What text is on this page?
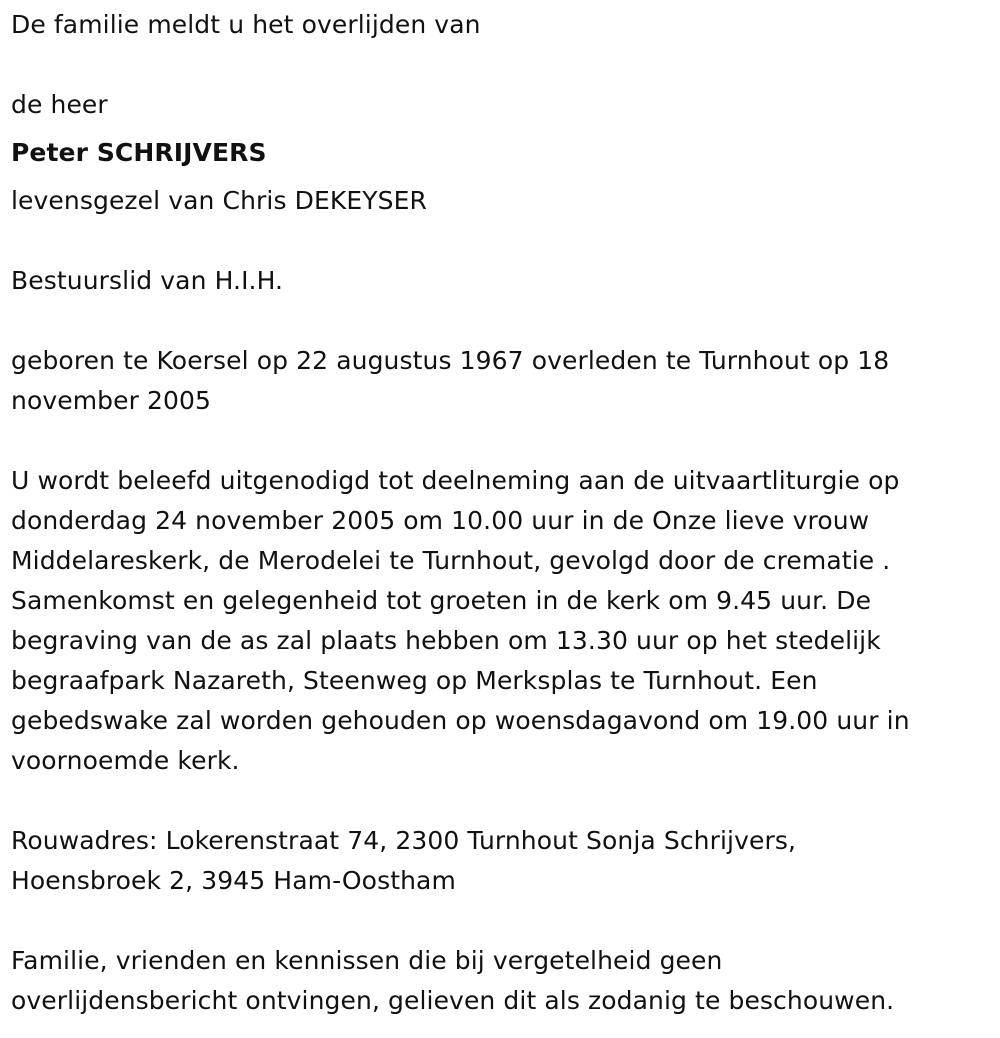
De familie meldt u het overlijden van
de heer
Peter SCHRIJVERS
levensgezel van Chris DEKEYSER
Bestuurslid van H.I.H.
geboren te Koersel op 22 augustus 1967 overleden te Turnhout op 18
november 2005
U wordt beleefd uitgenodigd tot deelneming aan de uitvaartliturgie op
donderdag 24 november 2005 om 10.00 uur in de Onze lieve vrouw
Middelareskerk, de Merodelei te Turnhout, gevolgd door de crematie .
Samenkomst en gelegenheid tot groeten in de kerk om 9.45 uur. De
begraving van de as zal plaats hebben om 13.30 uur op het stedelijk
begraafpark Nazareth, Steenweg op Merksplas te Turnhout. Een
gebedswake zal worden gehouden op woensdagavond om 19.00 uur in
voornoemde kerk.
Rouwadres: Lokerenstraat 74, 2300 Turnhout Sonja Schrijvers,
Hoensbroek 2, 3945 Ham-Oostham
Familie, vrienden en kennissen die bij vergetelheid geen
overlijdensbericht ontvingen, gelieven dit als zodanig te beschouwen.
